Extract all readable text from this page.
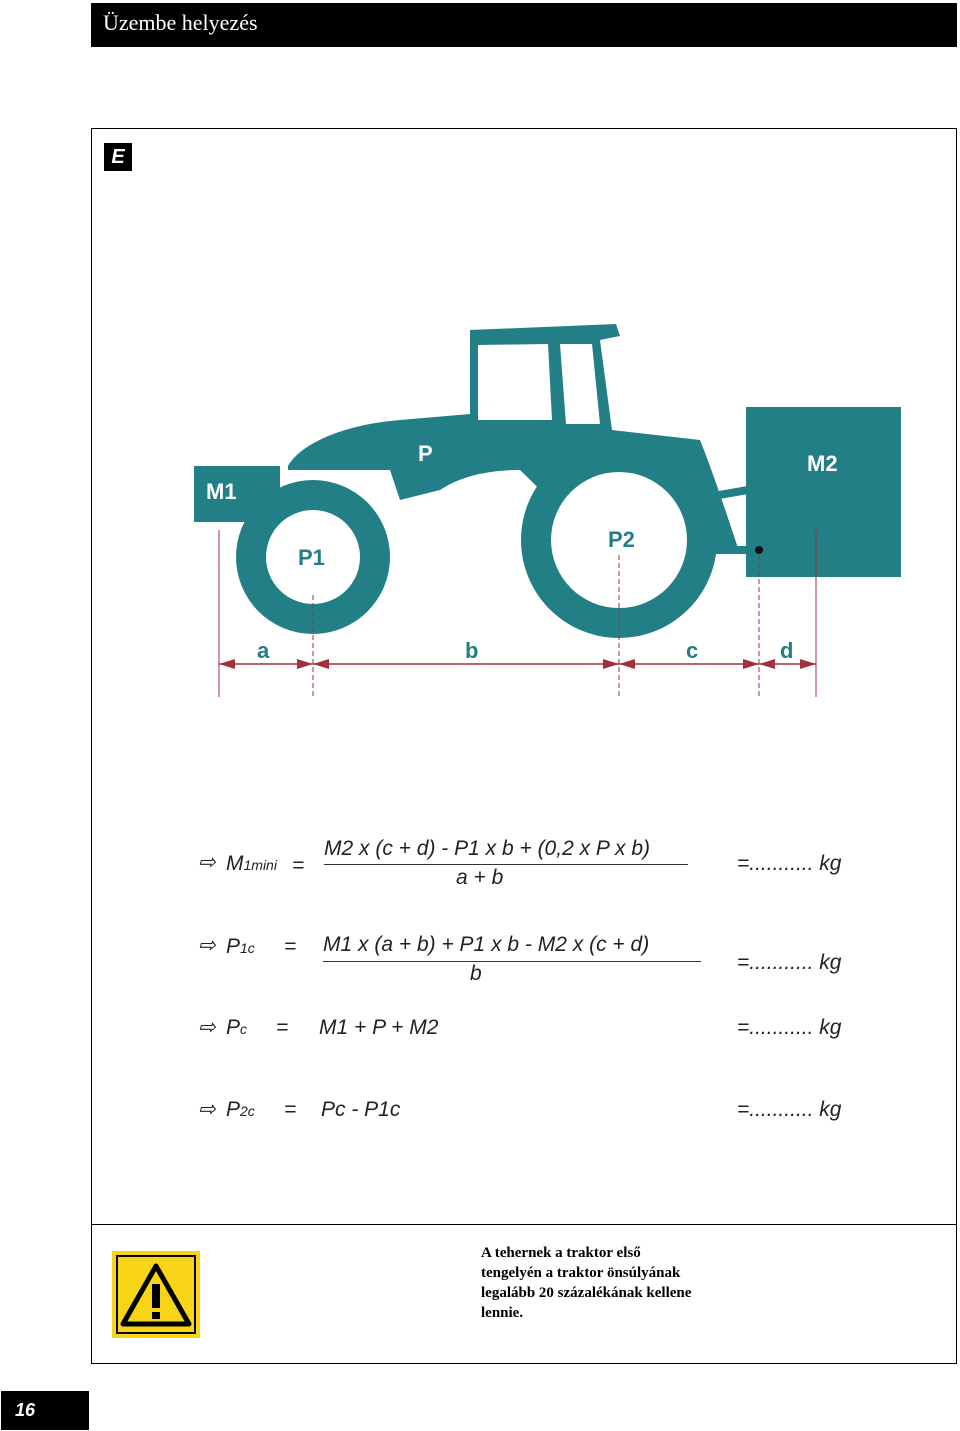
Üzembe helyezés
E
M1
P	M2
P1
P2
a	b	c	d
⇨ M1mini =
M2 x (c + d) - P1 x b + (0,2 x P x b)
a + b
=........... kg
⇨ P1c = M1 x (a + b) + P1 x b - M2 x (c + d)
b	=........... kg
⇨ Pc = M1 + P + M2	=........... kg
⇨ P2c = Pc - P1c	=........... kg
A tehernek a traktor első tengelyén a traktor önsúlyának legalább 20 százalékának kellene lennie.
16
